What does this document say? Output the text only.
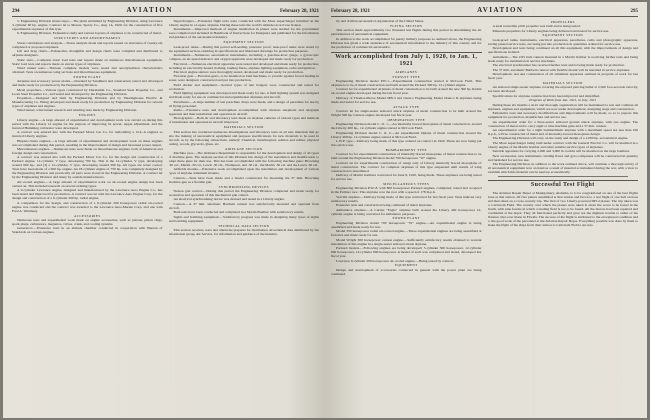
294	AVIATION	February 28, 1921

5. Engineering Division monocoupe.—The plans submitted by Engineering Division, using Lawrance 3-cylinder 60 hp. engine. Contract let to Messrs. Sperry Co., Aug. 14, 1920, for the construction of five experimental airplanes of this type.

6. Engineering Division. Exhaustive study and various layouts of airplanes to be constructed of metal.

STRUCTURES AND AERODYNAMICS

Stress calculations and analysis.—Stress analysis made and reports issued on structures of twenty-six completed or proposed airplanes.

Lift and drag charts.—Exhaustive, thoughtful and design charts were compiled and distributed to airplane designers.

Static tests.—Complete static load tests and reports made on numerous miscellaneous equipment. Static load tests and reports made on eleven types of airplanes.

Wind tunnel tests.—Thirteen complete models were tested and aerodynamical characteristics obtained. Tests on numerous wing sections and miscellaneous equipment.

POWER PLANT

Airplane and accessory power plants.—Invented by Sandhurst and constructed, tested and developed and made ready for production by the Engineering Division.

Metal propellers.—Various types constructed by Duralumin Co., Standard Steel Propeller Co., and Leola Steel Propeller Co., and tested and developed by the Engineering Division.

Propellers.—Designed and built by Engineering Division and by Westinghouse Electric & Manufacturing Co. Being developed and made ready for production by Engineering Division for several types of airplanes and engines.

Wind tunnel, wind tunnel research and whirling tests made by Engineering Division.

ENGINES

Liberty engine.—A large amount of experimental and development work was carried on during this period with the Liberty 12 engine for the purpose of improving its power, tappet adjustment, and the inverted Humming carburetor were developed.

A contract was entered into with the Packard Motor Car Co. for remodeling a 12-L-A engines as inverted Liberty engines.

Hispano-Suiza engines.—A large amount of experimental and development work on these engines was accomplished during this period, resulting in the improvement of design and increased power output.

Miscellaneous engines.—Numerous tests were made on miscellaneous engines, both of American and foreign design and construction.

A contract was entered into with the Packard Motor Car Co. for the design and construction of a Packard engine, 12-cylinder, V type, developing 700 hp. This is the 12-cylinder, V type, developing around 600 hp.; and (3) a 12-cylinder, V type, developing around 500 hp. All types are water cooled. Tests have been made of a 600 hp. engine. An 18-cylinder engine of 750 hp. was completely designed by the Engineering Division and practically all parts were stored in the Engineering Division. A contract let by the Engineering Division and many by outside manufacturers.

Air-cooled engines.—A large amount of experimental work on air-cooled engine design has been carried on. This included research on several existing types.

A 9-cylinder Lawrance engine, designed and manufactured by the Lawrance Aero Engine Co., has been tested and improved for production. A contract was let with the Lawrance Aero Engine Corp. for the design and construction of a 9-cylinder 200 hp. radial engine.

A competition for the design, and construction of a 9-cylinder 200 horsepower radial air-cooled engine was conducted and the contract was awarded to the Lawrance Aero-Marine Corp. and one with Fred A. Weinberg.

ACCESSORIES

Numerous tests and experimental work made on engine accessories, such as pistons, piston rings, spark plugs, carburetors, magnetos, valves, crank, and cooling systems.

Generators.—Extensive tests in an altitude chamber conducted in cooperation with Bureau of Standards on various engines.

Superchargers.—Extensive flight tests were conducted with the Moss supercharger installed on the Liberty engine in a Lepere airplane. During these tests the world's altitude record was broken.

Instruments.—Improved methods of engine installation in planes were studied for the government were compiled and included in Handbook of Instructions for Designers and published for the information and guidance of the aeronautical industry.

EQUIPMENT SECTION

Leak-proof tanks.—During this period self-sealing, puncture proof, leak-proof tanks were tested by the equipment section, resulting in specifications and illustrated drawings for production purposes.

Instruments.—Numerous aeronautical instruments, including a gasoline-level gauge, a gyroscopic compass, an air-speed indicator and oxygen apparatus were developed and made ready for production.

Electrical.—Numerous electrical apparatus were tested and developed and made ready for production, including an electrically heated clothing, landing flares, airplane lighting equipment, radio and ignition.

Electrical engine starters were thoroughly tested, developed and made ready for production.

Flotation gear.—Flotation gears, to be installed on land machines, to provide against forced landing in water, were designed, constructed and put into production.

Field shelter and equipment.—Several types of tent hangars were constructed and tested for production.

Field lighting equipment was developed and made ready for use. A field lighting system was designed and made ready for use on commercial and experimental airplanes and aircraft.

Parachutes.—A large number of test parachute drops were made, and a design of parachute for use by all flying personnel.

Radio.—Extensive tests and development accomplished with wireless telephone and telegraph apparatus and their installation and operation in aircraft.

Photographic.—Both air and laboratory tests made on airplane cameras of various types and methods of installation and operation in aircraft improved.

MATERIALS SECTION

This section has conducted numerous investigations and laboratory tests on all new materials that go into the making of aeronautical equipment and prepares specifications for new materials to be used in aircraft, as by the following subsections, namely: Chemical, metallurgical, textiles and rubber, physical testing, woods, glycerols, glues, etc.

AIRPLANE SECTION

Machine year.—The Ordnance Department is responsible for the development and design of all types of machine guns. The airplane section of this Division has charge of the installation and modification to adapt these guns for their use. This has been accomplished with the following machine guns: Browning .30 cal., Marlin .30 cal., Lewis .30 cal., Thompson, and .50 cal., the Marlin .30 cal. and the Lewis .30 cal.

Airfields mounts.—Extensive work accomplished upon the installation and development of various types of airplane armament mounts.

Cannon.—Tests have been made and a model constructed for mounting the 37 mm. Browning machine-gun as a flexible gun.

SYNCHRONIZING DEVICES

Nelson gun control.—During this period the Engineering Division completed and made ready for production and operation of this mechanical gun control.

An electrical synchronizing device was devised and tested in a Liberty engine.

Cannon.—A 37 mm. automatic Baldwin cannon was satisfactorily mounted and operated from aircraft.

Both tests have been conducted and completed in a Martin Bomber with satisfactory results.

Sights and bombing equipment.—Satisfactory progress was made in designing many types of sights and bombing equipment.

TECHNICAL DATA SECTION

This section receives, sorts and otherwise prepares for distribution all technical data distributed by the information group, Air Service, for information and guidance of the industry.

February 28, 1921	AVIATION	295

try and civilian aeronautical organization of the United States.

FLYING SECTION

This section made approximately two thousand test flights during this period in determining the air performances of aeronautical equipment.

In addition to the work accomplished for purely military purposes as outlined above, the Engineering Division has given a wide assistance of aeronautical information to the industry of this country and for the promotion of commercial aeronautics.

Work accomplished from July 1, 1920, to Jan. 1, 1921
AIRPLANES
PURSUIT TYPE

Engineering Division model PW-1.—Experimental construction started at McCook Field. This airplane is to be of metal construction and built around the Packard 300 hp. 12-cylinder engine.

Contract let for experimental airplanes of metal construction to be built around the new 300 hp. Radial air-cooled engine developed during the last fiscal year.

Delivery of Thomas-Morse Model MB-3 and Orenco Engineering Model Orenco D airplanes being made and tested for service use.

ATTACK TYPE

Contract let for single-seater armored attack airplane of metal construction to be built around the Wright 300 hp. Cannon engine developed last fiscal year.

OBSERVATION TYPE

Engineering Division model C. O. 1.—An internally braced monoplane of metal construction, around the Liberty 400 hp., 12-cylinder engine started at McCook Field.

Engineering Division model C. O. 2.—An experimental biplane of metal construction around the Liberty 400 hp. 12-cylinder engine started at McCook Field.

L.W.F. type.—Delivery being made of this type ordered on contract in 1920. These are now being put into service use.

BOMBARDMENT TYPE

Contract let for experimental construction of internally braced monoplane of metal construction to be built around the Engineering Division model 700 horsepower "W" engine.

Contract let for experimental construction of wings only of Liberty internally braced monoplane of metal construction. The contract for complete airplanes of this type suspended until results of wing construction is determined.

Delivery of Martin bombers contracted for June 9, 1920, being made. These airplanes are being tested for service use.

MISCELLANEOUS TYPES

Engineering Division P.W.-8, with 800 horsepower Packard engines, completed, tested and accepted in the Pulitzer race. This airplane won the race with a speed of 178 m.p.h.

Verville airplane.—Delivery being made of this type contracted for last fiscal year. Tests indicate very satisfactory results.

Extensive tests and construction being continued of metal airplanes.

Ambulance airplane.—A Curtiss "Eagle" airplane built around the Liberty 400 horsepower 12-cylinder engine is being converted for ambulance purposes.

POWER PLANT

Engineering Division model 700 horsepower "W" engine.—An experimental engine is being assembled and made ready for test.

Model 350 horsepower radial air-cooled engine.—Three experimental engines are being assembled at factories and made ready for test.

Model Wright 300 horsepower cannon engine.—Sufficiently satisfactory results obtained to warrant installation of this engine in a single-seater armored attack airplane.

Packard models.—Following engines are being developed: 5-cylinder 300 horsepower, 12-cylinder 600 horsepower, 12-cylinder 800 horsepower. A model of each was completed and tested, developed last fiscal year.

Lawrance 9-cylinder 200 horsepower air-cooled engine.—Being tested by contract.

EQUIPMENT

Design and development of accessories connected in general with the power plant are being continued.

PROPELLERS

A steel reversible pitch propeller was built and is being tested.

Missoula propellers for Liberty engines being delivered and tested for service use.

EQUIPMENT SECTION

Leak-proof tanks, instruments, electrical apparatus, parachutes, radio and photographic apparatus, having passed service tests, are being put into production in quantities ordered for service use.

Development and tests being continued on all this equipment, with the improvements of design and specifications in mind.

Armament.—The 2.95 inch cannon mounted in a Martin bomber is receiving further tests and being made ready for installation in service machines.

The electrical synchronizer has received further tests and is being made ready for production.

The 37 mm. automatic Baldwin cannon with flexible mount will be installed in service airplanes.

Development, test and construction of all armament apparatus outlined in program of work for last fiscal year.

MATERIALS SECTION

An armored single-seater airplane covering the exposed piercing bullet at 2,500 foot-seconds velocity, has been developed.

Specifications for airplane construction have been improved and simplified.

Program of Work from Jan. 1921, to July, 1921

During these six months a strict and thorough organization will be maintained to test and continue all airplanes, engines and equipment, which are now under development, designing stage and construction.

Exhaustive tests and necessary modifications and improvements will be made, so as to prepare this equipment for production, manufacture and service use.

An experimental order for a three-seater armored ground attack airplane, with one engine. The construction of metal and to carry eight or nine machine guns and a 37 mm. cannon.

An experimental order for a night bombardment airplane with a maximum speed not less than 100 m.p.h., will be constructed of metal and of internally-braced monoplane design.

The Engineering Division will carry on the study and design of a 1,000 hp. aeronautical engine.

The Moss supercharger being built under contract with the General Electric Co. will be installed in a Liberty engine of the Martin bomber and other suitable service types of airplanes.

Suitable apparatus for carrying 2,000 and 3,000 lb. bombs will be installed on the large bombers.

New accessories, new instruments, landing flares and gyro-compasses will be constructed in quantity and furnished for service use.

The Engineering Division, in addition to the work outlined above, will continue a thorough survey of all aeronautical equipment now on hand as a result of material accumulated during the war, with a view to establish which this material can be used up economically.

Successful Test Flight

The Aviation Repair Depot at Montgomery, Alabama, is to be congratulated on one of the best flights done at that station. Of five planes assembled at that station and flown to a test flight of one half an hour and then taken on a cross-country trip. The first of two Liberty-powered DH-4 planes. The trip taken was to Carlstrom Field. The country over which the planes were taken is about the worst to be found in the South, with pine forests in which a landing field is not to be found. All the motors had been repaired and overhauled at the depot. They all functioned perfectly and gave not the slightest trouble to either of the distance trips ever made in Florida. The success of the flight is attributed to the exceptional condition and to the good work of the personnel at the Aviation Repair Depot. Everything possible was done by them to make the flight of the ships from their station to Carlstrom Field a success.
